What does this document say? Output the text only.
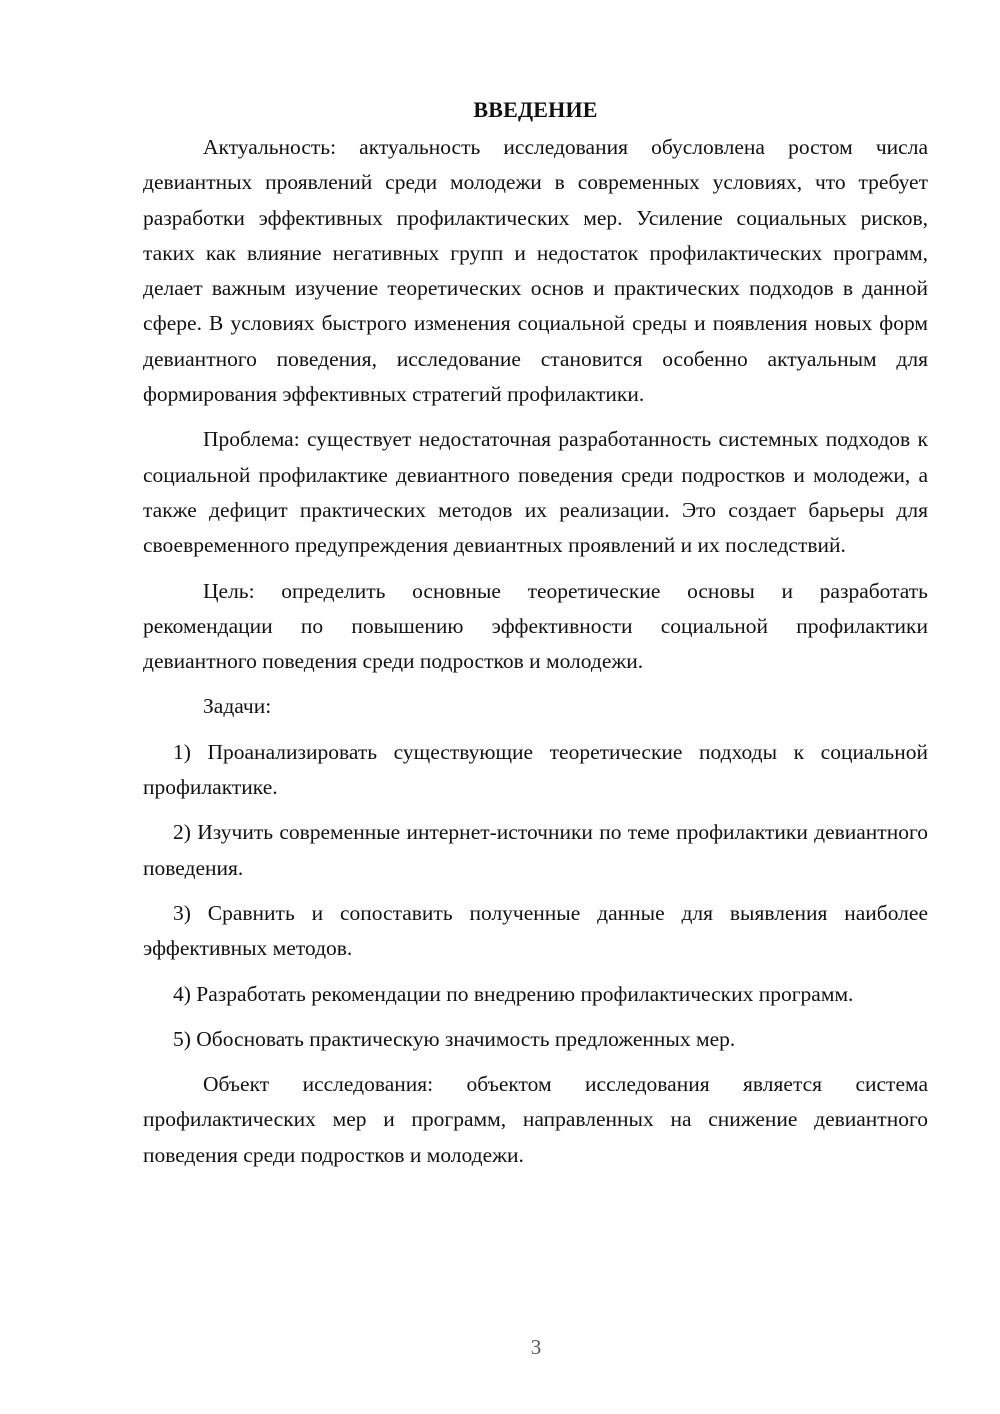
ВВЕДЕНИЕ

Актуальность: актуальность исследования обусловлена ростом числа девиантных проявлений среди молодежи в современных условиях, что требует разработки эффективных профилактических мер. Усиление социальных рисков, таких как влияние негативных групп и недостаток профилактических программ, делает важным изучение теоретических основ и практических подходов в данной сфере. В условиях быстрого изменения социальной среды и появления новых форм девиантного поведения, исследование становится особенно актуальным для формирования эффективных стратегий профилактики.

Проблема: существует недостаточная разработанность системных подходов к социальной профилактике девиантного поведения среди подростков и молодежи, а также дефицит практических методов их реализации. Это создает барьеры для своевременного предупреждения девиантных проявлений и их последствий.

Цель: определить основные теоретические основы и разработать рекомендации по повышению эффективности социальной профилактики девиантного поведения среди подростков и молодежи.

Задачи:

1) Проанализировать существующие теоретические подходы к социальной профилактике.

2) Изучить современные интернет-источники по теме профилактики девиантного поведения.

3) Сравнить и сопоставить полученные данные для выявления наиболее эффективных методов.

4) Разработать рекомендации по внедрению профилактических программ.

5) Обосновать практическую значимость предложенных мер.

Объект исследования: объектом исследования является система профилактических мер и программ, направленных на снижение девиантного поведения среди подростков и молодежи.

3
